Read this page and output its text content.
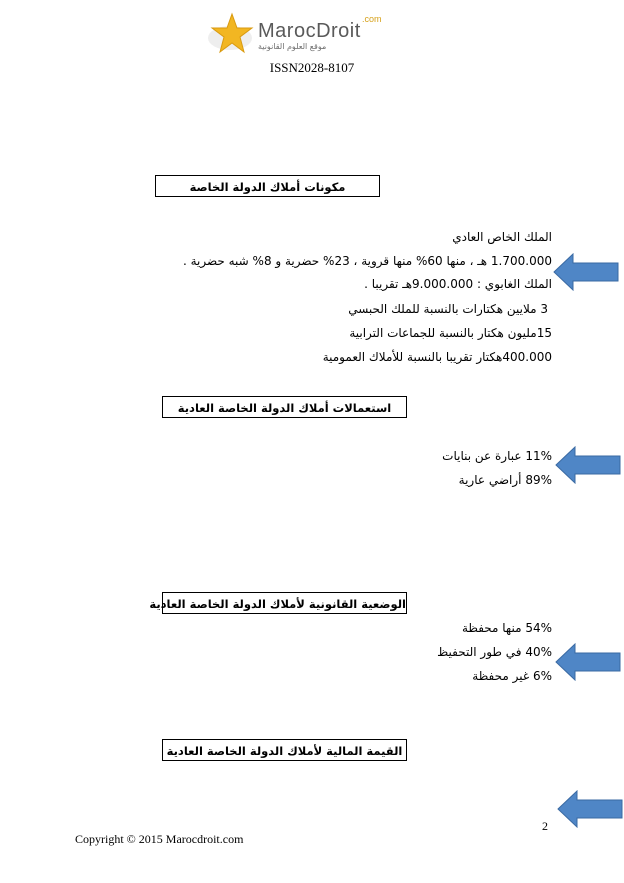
MarocDroit
.com
موقع العلوم القانونية
ISSN2028-8107
مكونات أملاك الدولة الخاصة
الملك الخاص العادي
1.700.000 هـ ، منها 60% منها قروية ، 23% حضرية و 8% شبه حضرية .
الملك الغابوي : 9.000.000هـ تقريبا .
3 ملايين هكتارات بالنسبة للملك الحبسي
15مليون هكتار بالنسبة للجماعات الترابية
400.000هكتار تقريبا بالنسبة للأملاك العمومية
استعمالات أملاك الدولة الخاصة العادية
11% عبارة عن بنايات
89% أراضي عارية
الوضعية القانونية لأملاك الدولة الخاصة العادية
54% منها محفظة
40% في طور التحفيظ
6% غير محفظة
القيمة المالية لأملاك الدولة الخاصة العادية
2
Copyright © 2015 Marocdroit.com
